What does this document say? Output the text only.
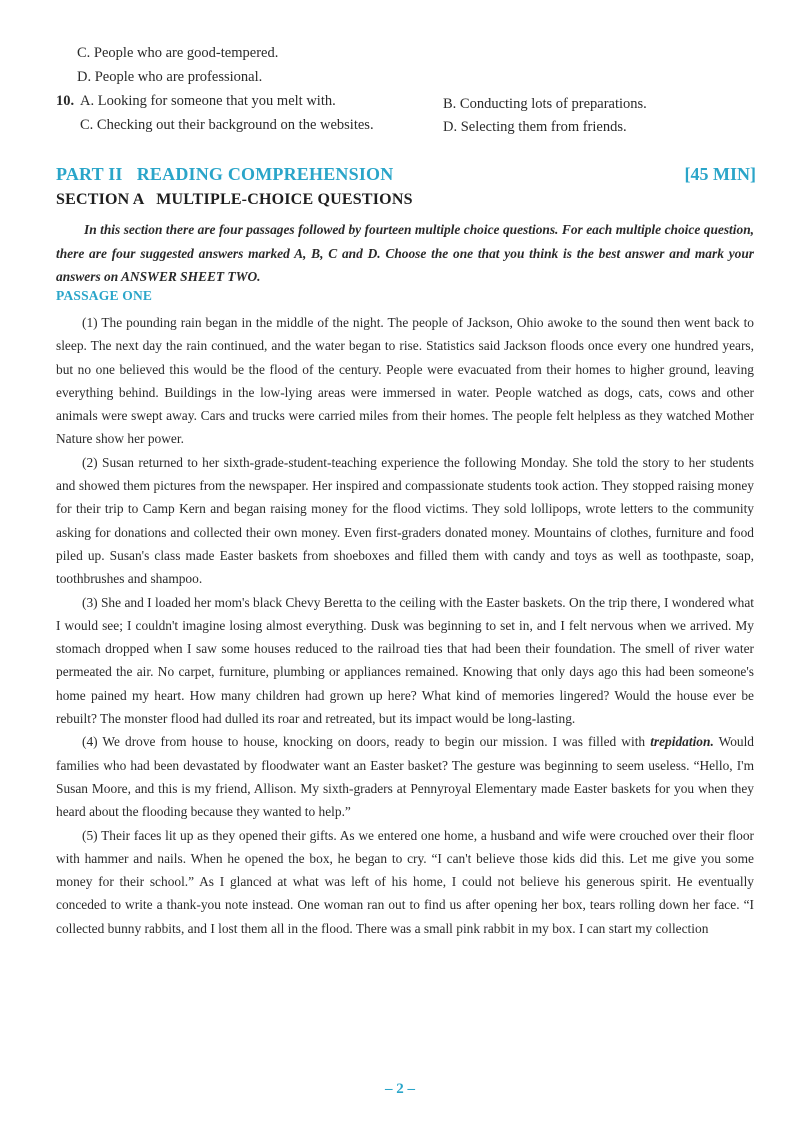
C. People who are good-tempered.
D. People who are professional.
10. A. Looking for someone that you melt with.	B. Conducting lots of preparations.
C. Checking out their background on the websites.	D. Selecting them from friends.
PART II   READING COMPREHENSION	[45 MIN]
SECTION A   MULTIPLE-CHOICE QUESTIONS
In this section there are four passages followed by fourteen multiple choice questions. For each multiple choice question, there are four suggested answers marked A, B, C and D. Choose the one that you think is the best answer and mark your answers on ANSWER SHEET TWO.
PASSAGE ONE

(1) The pounding rain began in the middle of the night. The people of Jackson, Ohio awoke to the sound then went back to sleep. The next day the rain continued, and the water began to rise. Statistics said Jackson floods once every one hundred years, but no one believed this would be the flood of the century. People were evacuated from their homes to higher ground, leaving everything behind. Buildings in the low-lying areas were immersed in water. People watched as dogs, cats, cows and other animals were swept away. Cars and trucks were carried miles from their homes. The people felt helpless as they watched Mother Nature show her power.

(2) Susan returned to her sixth-grade-student-teaching experience the following Monday. She told the story to her students and showed them pictures from the newspaper. Her inspired and compassionate students took action. They stopped raising money for their trip to Camp Kern and began raising money for the flood victims. They sold lollipops, wrote letters to the community asking for donations and collected their own money. Even first-graders donated money. Mountains of clothes, furniture and food piled up. Susan's class made Easter baskets from shoeboxes and filled them with candy and toys as well as toothpaste, soap, toothbrushes and shampoo.

(3) She and I loaded her mom's black Chevy Beretta to the ceiling with the Easter baskets. On the trip there, I wondered what I would see; I couldn't imagine losing almost everything. Dusk was beginning to set in, and I felt nervous when we arrived. My stomach dropped when I saw some houses reduced to the railroad ties that had been their foundation. The smell of river water permeated the air. No carpet, furniture, plumbing or appliances remained. Knowing that only days ago this had been someone's home pained my heart. How many children had grown up here? What kind of memories lingered? Would the house ever be rebuilt? The monster flood had dulled its roar and retreated, but its impact would be long-lasting.

(4) We drove from house to house, knocking on doors, ready to begin our mission. I was filled with trepidation. Would families who had been devastated by floodwater want an Easter basket? The gesture was beginning to seem useless. “Hello, I'm Susan Moore, and this is my friend, Allison. My sixth-graders at Pennyroyal Elementary made Easter baskets for you when they heard about the flooding because they wanted to help.”

(5) Their faces lit up as they opened their gifts. As we entered one home, a husband and wife were crouched over their floor with hammer and nails. When he opened the box, he began to cry. “I can't believe those kids did this. Let me give you some money for their school.” As I glanced at what was left of his home, I could not believe his generous spirit. He eventually conceded to write a thank-you note instead. One woman ran out to find us after opening her box, tears rolling down her face. “I collected bunny rabbits, and I lost them all in the flood. There was a small pink rabbit in my box. I can start my collection

– 2 –
